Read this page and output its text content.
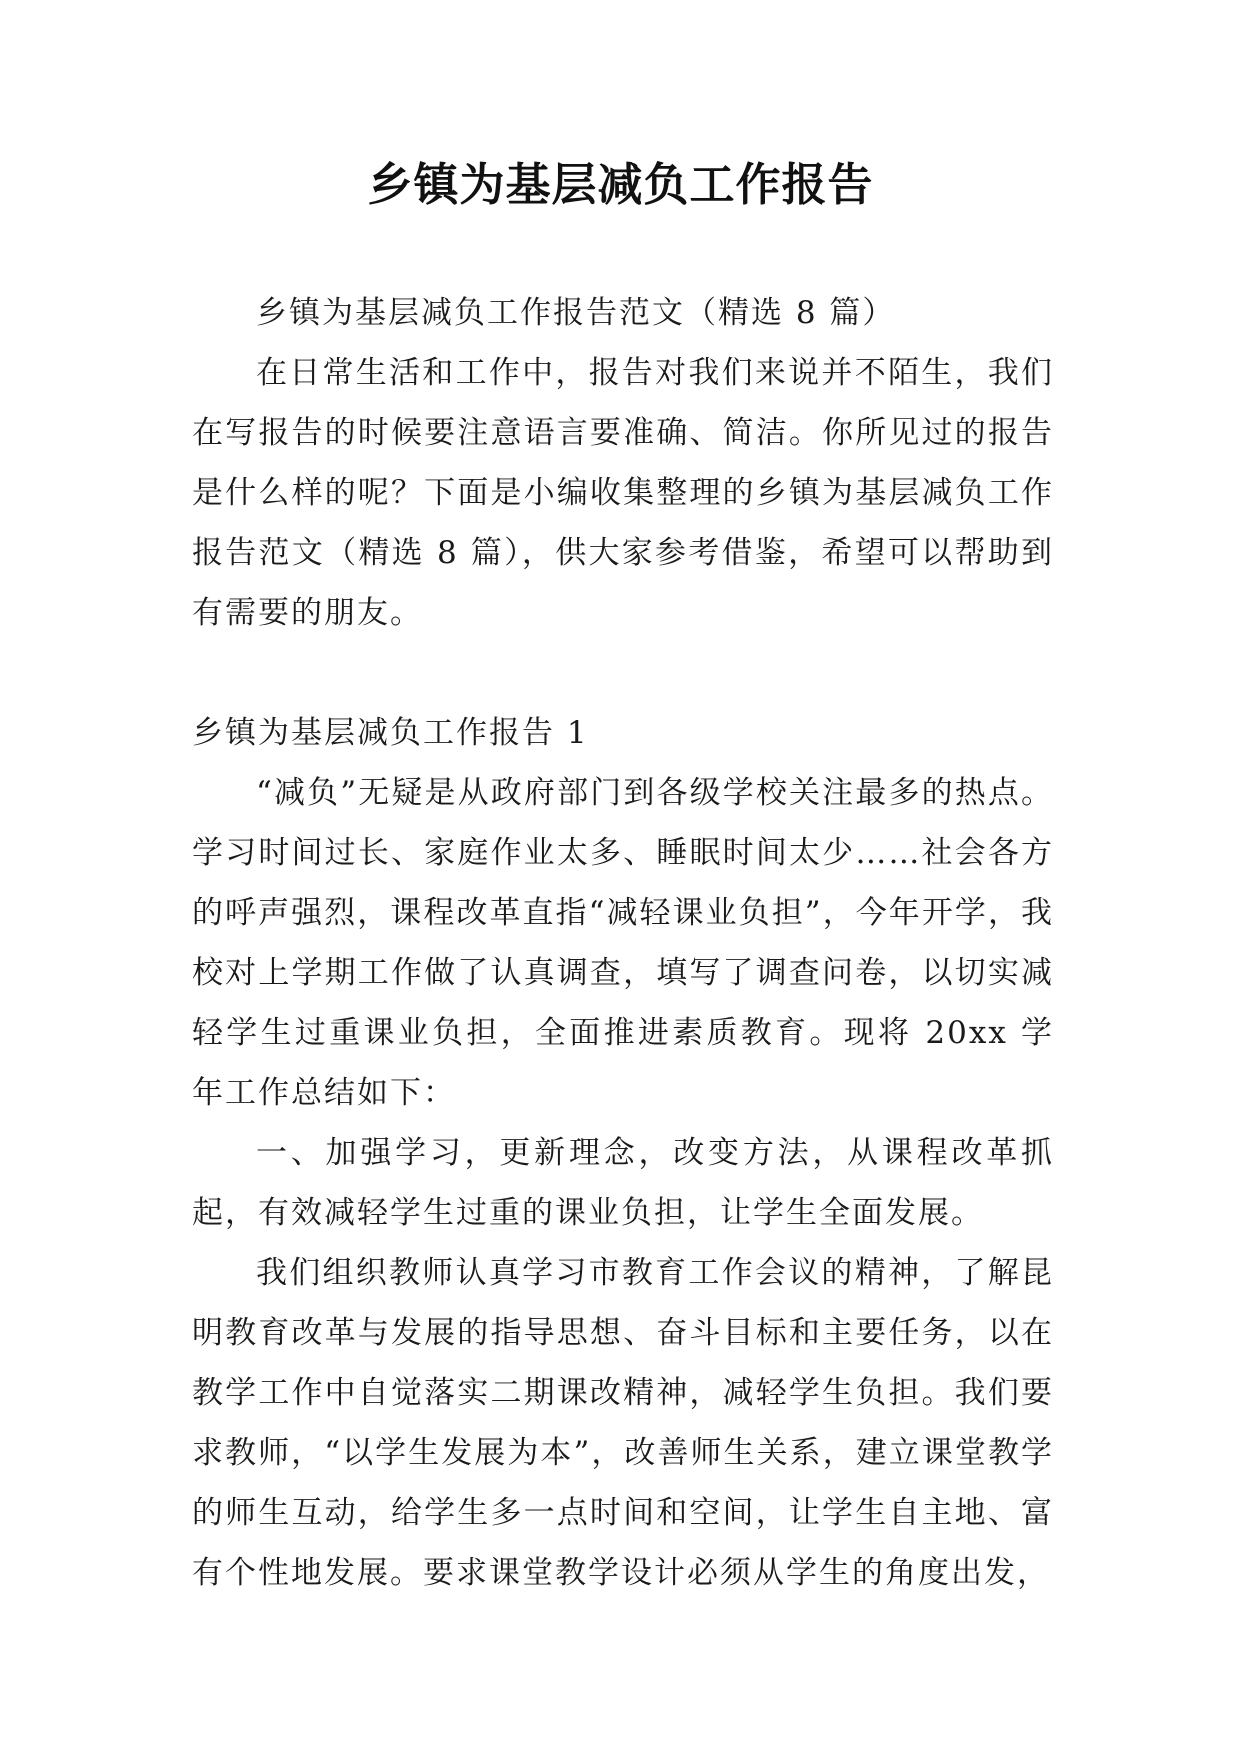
乡镇为基层减负工作报告

乡镇为基层减负工作报告范文（精选 8 篇）

在日常生活和工作中，报告对我们来说并不陌生，我们在写报告的时候要注意语言要准确、简洁。你所见过的报告是什么样的呢？下面是小编收集整理的乡镇为基层减负工作报告范文（精选 8 篇），供大家参考借鉴，希望可以帮助到有需要的朋友。

乡镇为基层减负工作报告 1

“减负”无疑是从政府部门到各级学校关注最多的热点。学习时间过长、家庭作业太多、睡眠时间太少……社会各方的呼声强烈，课程改革直指“减轻课业负担”，今年开学，我校对上学期工作做了认真调查，填写了调查问卷，以切实减轻学生过重课业负担，全面推进素质教育。现将 20xx 学年工作总结如下：

一、加强学习，更新理念，改变方法，从课程改革抓起，有效减轻学生过重的课业负担，让学生全面发展。

我们组织教师认真学习市教育工作会议的精神，了解昆明教育改革与发展的指导思想、奋斗目标和主要任务，以在教学工作中自觉落实二期课改精神，减轻学生负担。我们要求教师，“以学生发展为本”，改善师生关系，建立课堂教学的师生互动，给学生多一点时间和空间，让学生自主地、富有个性地发展。要求课堂教学设计必须从学生的角度出发，
